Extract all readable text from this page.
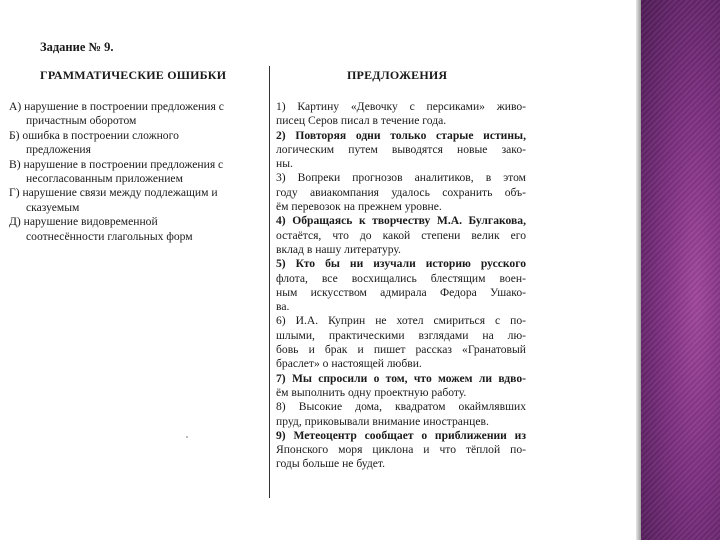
Задание № 9.
ГРАММАТИЧЕСКИЕ ОШИБКИ	ПРЕДЛОЖЕНИЯ
А) нарушение в построении предложения с
причастным оборотом
Б) ошибка в построении сложного
предложения
В) нарушение в построении предложения с
несогласованным приложением
Г) нарушение связи между подлежащим и
сказуемым
Д) нарушение видовременной
соотнесённости глагольных форм
1) Картину «Девочку с персиками» живо-
писец Серов писал в течение года.
2) Повторяя одни только старые истины,
логическим путем выводятся новые зако-
ны.
3) Вопреки прогнозов аналитиков, в этом
году авиакомпания удалось сохранить объ-
ём перевозок на прежнем уровне.
4) Обращаясь к творчеству М.А. Булгакова,
остаётся, что до какой степени велик его
вклад в нашу литературу.
5) Кто бы ни изучали историю русского
флота, все восхищались блестящим воен-
ным искусством адмирала Федора Ушако-
ва.
6) И.А. Куприн не хотел смириться с по-
шлыми, практическими взглядами на лю-
бовь и брак и пишет рассказ «Гранатовый
браслет» о настоящей любви.
7) Мы спросили о том, что можем ли вдво-
ём выполнить одну проектную работу.
8) Высокие дома, квадратом окаймлявших
пруд, приковывали внимание иностранцев.
9) Метеоцентр сообщает о приближении из
Японского моря циклона и что тёплой по-
годы больше не будет.
